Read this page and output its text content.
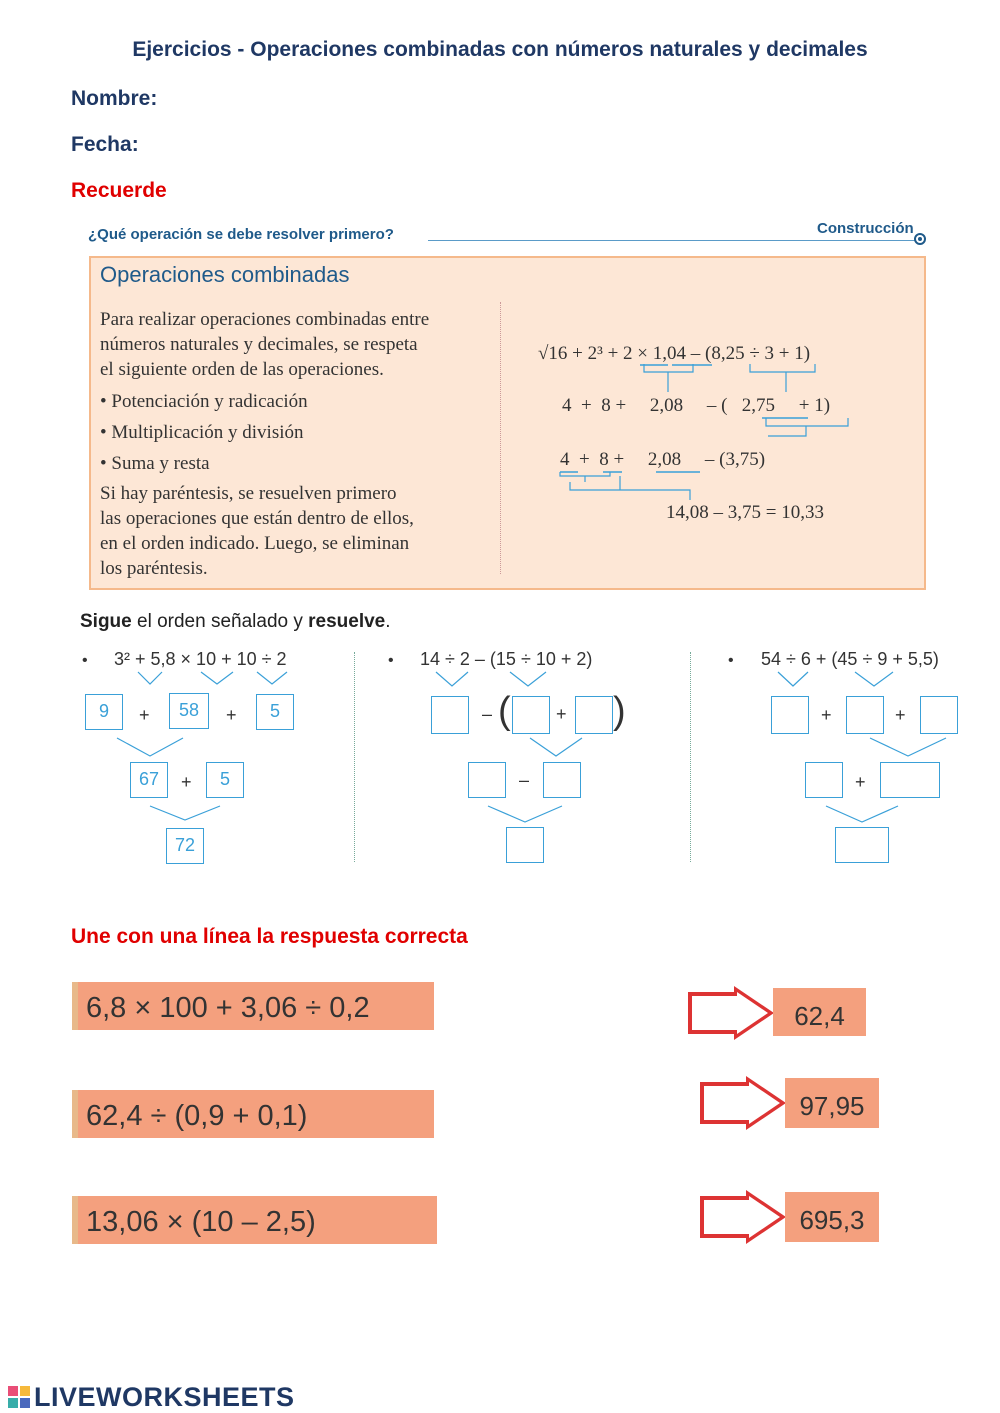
Ejercicios - Operaciones combinadas con números naturales y decimales
Nombre:
Fecha:
Recuerde
¿Qué operación se debe resolver primero?	Construcción
Operaciones combinadas
Para realizar operaciones combinadas entre
números naturales y decimales, se respeta
el siguiente orden de las operaciones.
• Potenciación y radicación
• Multiplicación y división
• Suma y resta
Si hay paréntesis, se resuelven primero
las operaciones que están dentro de ellos,
en el orden indicado. Luego, se eliminan
los paréntesis.
√16 + 2³ + 2 × 1,04 – (8,25 ÷ 3 + 1)
4  +  8 +     2,08     – (   2,75     + 1)
4  +  8 +     2,08     – (3,75)
14,08 – 3,75 = 10,33
Sigue el orden señalado y resuelve.
• 3² + 5,8 × 10 + 10 ÷ 2
9	+	58	+	5
67	+	5
72
• 14 ÷ 2 – (15 ÷ 10 + 2)
– (	+ )
–
• 54 ÷ 6 + (45 ÷ 9 + 5,5)
+	+
+
Une con una línea la respuesta correcta
6,8 × 100 + 3,06 ÷ 0,2
62,4 ÷ (0,9 + 0,1)
13,06 × (10 – 2,5)
62,4
97,95
695,3
LIVEWORKSHEETS
